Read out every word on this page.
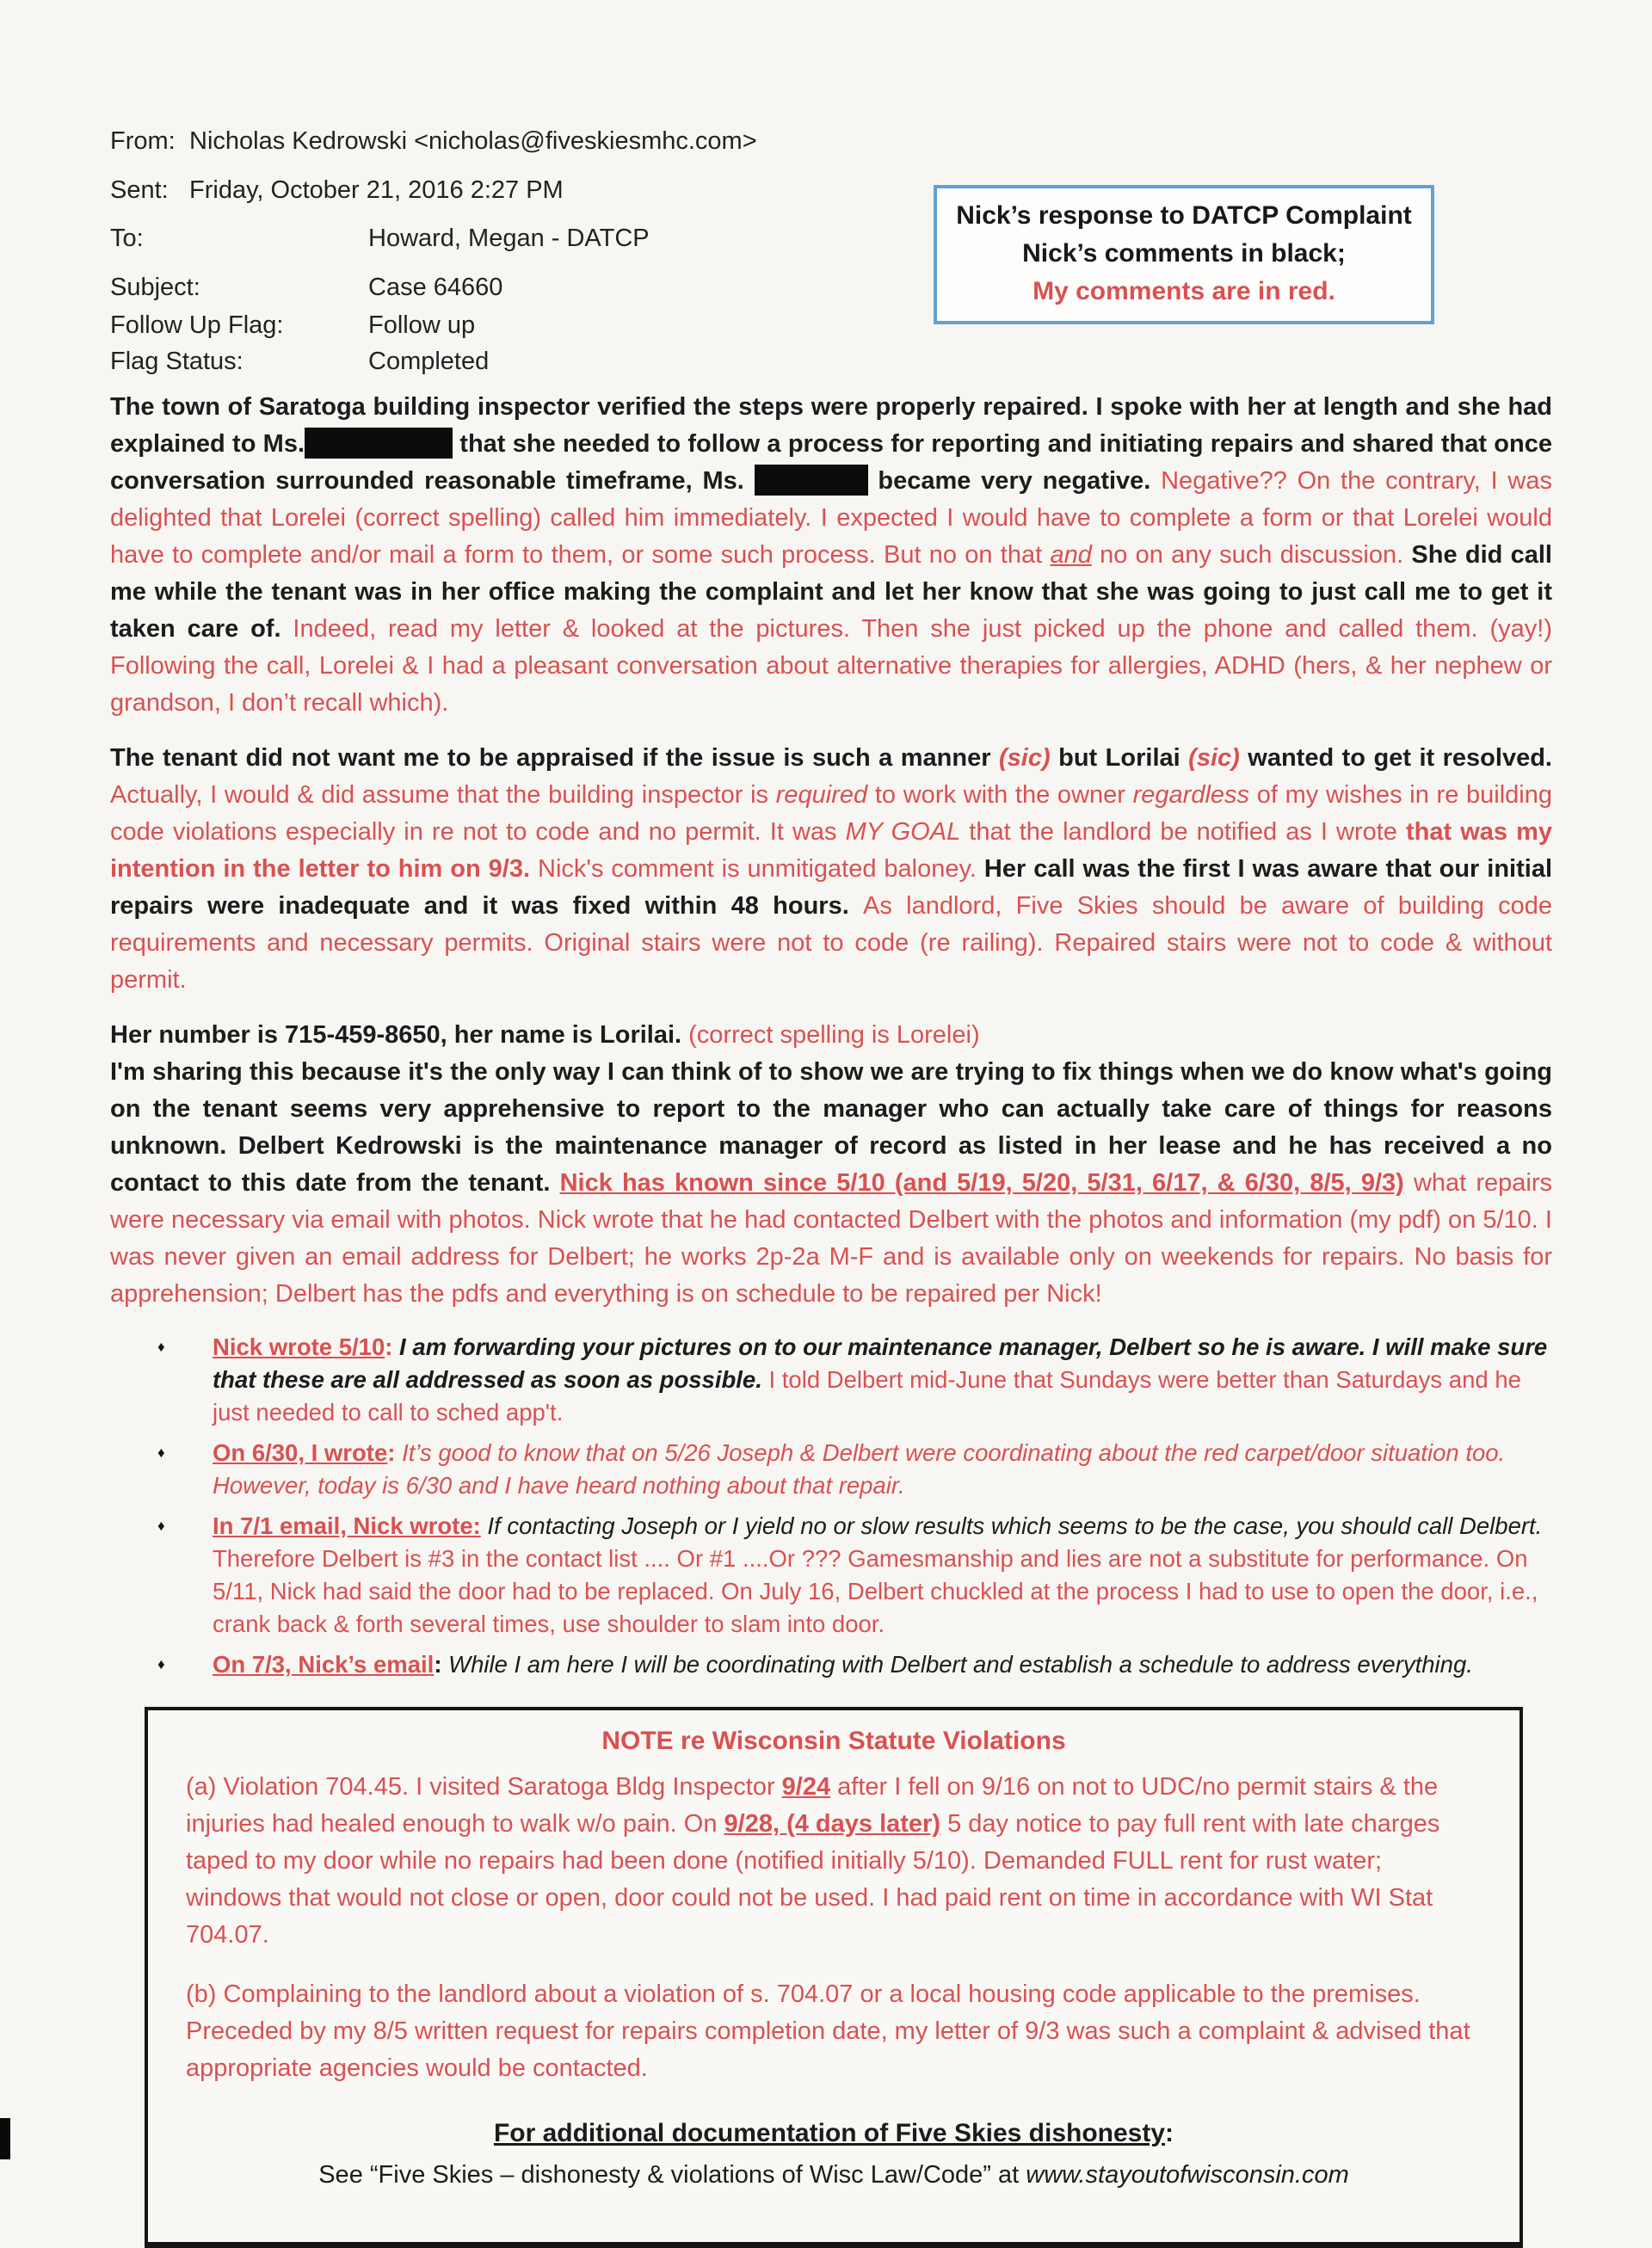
From: Nicholas Kedrowski <nicholas@fiveskiesmhc.com>
Sent: Friday, October 21, 2016 2:27 PM
To:	Howard, Megan - DATCP
Subject:	Case 64660
Follow Up Flag:	Follow up
Flag Status:	Completed
Nick’s response to DATCP Complaint
Nick’s comments in black;
My comments are in red.

The town of Saratoga building inspector verified the steps were properly repaired. I spoke with her at length and she had explained to Ms.	that she needed to follow a process for reporting and initiating repairs and shared that once conversation surrounded reasonable timeframe, Ms.	became very negative. Negative?? On the contrary, I was delighted that Lorelei (correct spelling) called him immediately. I expected I would have to complete a form or that Lorelei would have to complete and/or mail a form to them, or some such process. But no on that and no on any such discussion. She did call me while the tenant was in her office making the complaint and let her know that she was going to just call me to get it taken care of. Indeed, read my letter & looked at the pictures. Then she just picked up the phone and called them. (yay!) Following the call, Lorelei & I had a pleasant conversation about alternative therapies for allergies, ADHD (hers, & her nephew or grandson, I don’t recall which).

The tenant did not want me to be appraised if the issue is such a manner (sic) but Lorilai (sic) wanted to get it resolved. Actually, I would & did assume that the building inspector is required to work with the owner regardless of my wishes in re building code violations especially in re not to code and no permit. It was MY GOAL that the landlord be notified as I wrote that was my intention in the letter to him on 9/3. Nick's comment is unmitigated baloney. Her call was the first I was aware that our initial repairs were inadequate and it was fixed within 48 hours. As landlord, Five Skies should be aware of building code requirements and necessary permits. Original stairs were not to code (re railing). Repaired stairs were not to code & without permit.

Her number is 715-459-8650, her name is Lorilai. (correct spelling is Lorelei)
I'm sharing this because it's the only way I can think of to show we are trying to fix things when we do know what's going on the tenant seems very apprehensive to report to the manager who can actually take care of things for reasons unknown. Delbert Kedrowski is the maintenance manager of record as listed in her lease and he has received a no contact to this date from the tenant. Nick has known since 5/10 (and 5/19, 5/20, 5/31, 6/17, & 6/30, 8/5, 9/3) what repairs were necessary via email with photos. Nick wrote that he had contacted Delbert with the photos and information (my pdf) on 5/10. I was never given an email address for Delbert; he works 2p-2a M-F and is available only on weekends for repairs. No basis for apprehension; Delbert has the pdfs and everything is on schedule to be repaired per Nick!

♦	Nick wrote 5/10: I am forwarding your pictures on to our maintenance manager, Delbert so he is aware. I will make sure that these are all addressed as soon as possible. I told Delbert mid-June that Sundays were better than Saturdays and he just needed to call to sched app't.
♦	On 6/30, I wrote: It’s good to know that on 5/26 Joseph & Delbert were coordinating about the red carpet/door situation too. However, today is 6/30 and I have heard nothing about that repair.
♦	In 7/1 email, Nick wrote: If contacting Joseph or I yield no or slow results which seems to be the case, you should call Delbert. Therefore Delbert is #3 in the contact list .... Or #1 ....Or ??? Gamesmanship and lies are not a substitute for performance. On 5/11, Nick had said the door had to be replaced. On July 16, Delbert chuckled at the process I had to use to open the door, i.e., crank back & forth several times, use shoulder to slam into door.
♦	On 7/3, Nick’s email: While I am here I will be coordinating with Delbert and establish a schedule to address everything.
NOTE re Wisconsin Statute Violations

(a) Violation 704.45. I visited Saratoga Bldg Inspector 9/24 after I fell on 9/16 on not to UDC/no permit stairs & the injuries had healed enough to walk w/o pain. On 9/28, (4 days later) 5 day notice to pay full rent with late charges taped to my door while no repairs had been done (notified initially 5/10). Demanded FULL rent for rust water; windows that would not close or open, door could not be used. I had paid rent on time in accordance with WI Stat 704.07.

(b) Complaining to the landlord about a violation of s. 704.07 or a local housing code applicable to the premises. Preceded by my 8/5 written request for repairs completion date, my letter of 9/3 was such a complaint & advised that appropriate agencies would be contacted.

For additional documentation of Five Skies dishonesty:
See “Five Skies – dishonesty & violations of Wisc Law/Code” at www.stayoutofwisconsin.com
